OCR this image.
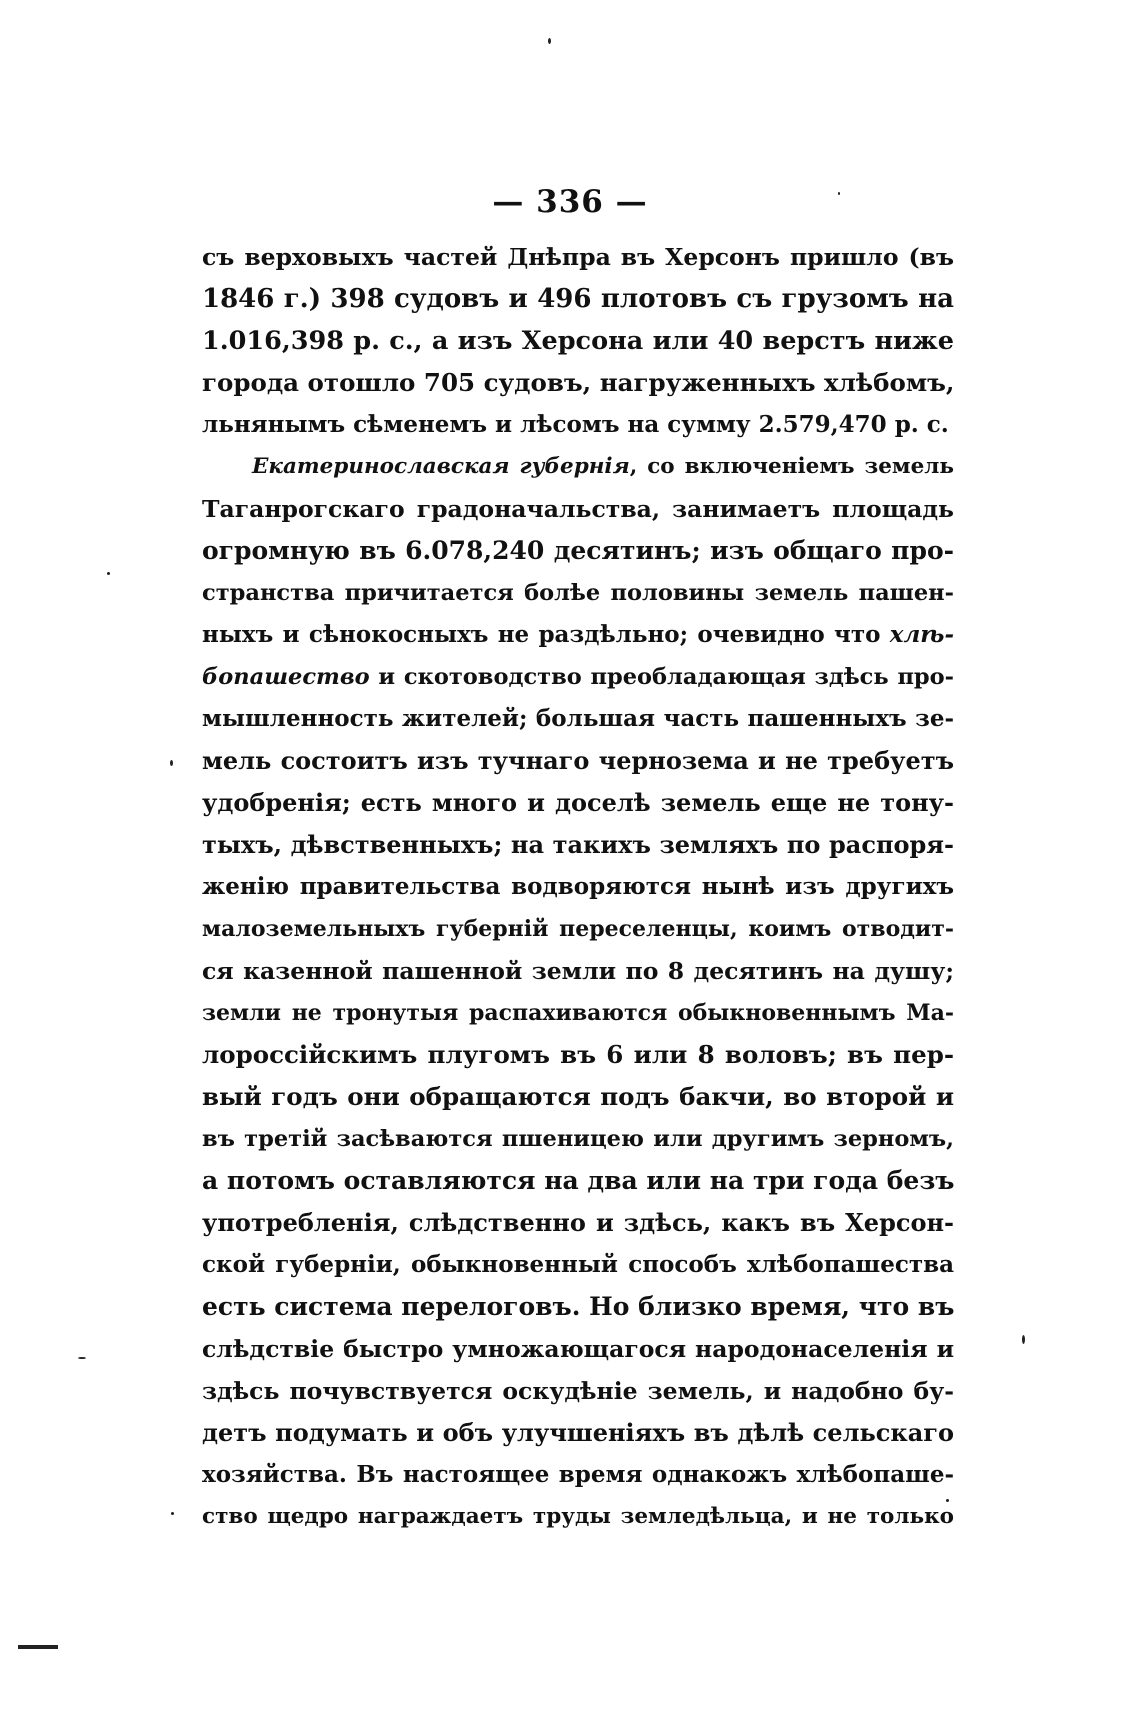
— 336 —
съ верховыхъ частей Днѣпра въ Херсонъ пришло (въ
1846 г.) 398 судовъ и 496 плотовъ съ грузомъ на
1.016,398 р. с., а изъ Херсона или 40 верстъ ниже
города отошло 705 судовъ, нагруженныхъ хлѣбомъ,
льнянымъ сѣменемъ и лѣсомъ на сумму 2.579,470 р. с.
Екатеринославская губернія, со включеніемъ земель
Таганрогскаго градоначальства, занимаетъ площадь
огромную въ 6.078,240 десятинъ; изъ общаго про-
странства причитается болѣе половины земель пашен-
ныхъ и сѣнокосныхъ не раздѣльно; очевидно что хлѣ-
бопашество и скотоводство преобладающая здѣсь про-
мышленность жителей; большая часть пашенныхъ зе-
мель состоитъ изъ тучнаго чернозема и не требуетъ
удобренія; есть много и доселѣ земель еще не тону-
тыхъ, дѣвственныхъ; на такихъ земляхъ по распоря-
женію правительства водворяются нынѣ изъ другихъ
малоземельныхъ губерній переселенцы, коимъ отводит-
ся казенной пашенной земли по 8 десятинъ на душу;
земли не тронутыя распахиваются обыкновеннымъ Ма-
лороссійскимъ плугомъ въ 6 или 8 воловъ; въ пер-
вый годъ они обращаются подъ бакчи, во второй и
въ третій засѣваются пшеницею или другимъ зерномъ,
а потомъ оставляются на два или на три года безъ
употребленія, слѣдственно и здѣсь, какъ въ Херсон-
ской губерніи, обыкновенный способъ хлѣбопашества
есть система перелоговъ. Но близко время, что въ
слѣдствіе быстро умножающагося народонаселенія и
здѣсь почувствуется оскудѣніе земель, и надобно бу-
детъ подумать и объ улучшеніяхъ въ дѣлѣ сельскаго
хозяйства. Въ настоящее время однакожъ хлѣбопаше-
ство щедро награждаетъ труды земледѣльца, и не только
